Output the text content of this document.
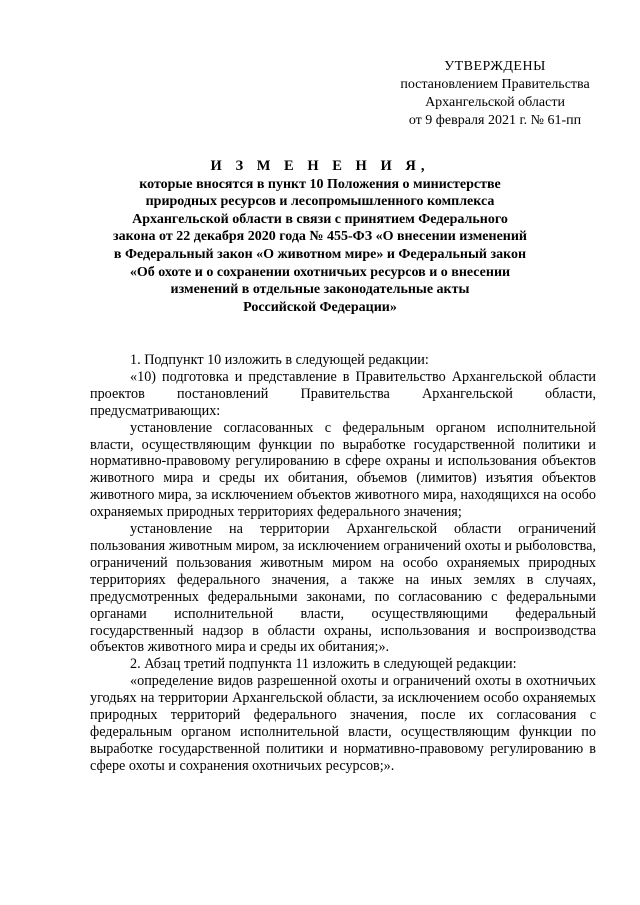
УТВЕРЖДЕНЫ
постановлением Правительства
Архангельской области
от 9 февраля 2021 г. № 61-пп
И З М Е Н Е Н И Я,
которые вносятся в пункт 10 Положения о министерстве
природных ресурсов и лесопромышленного комплекса
Архангельской области в связи с принятием Федерального
закона от 22 декабря 2020 года № 455-ФЗ «О внесении изменений
в Федеральный закон «О животном мире» и Федеральный закон
«Об охоте и о сохранении охотничьих ресурсов и о внесении
изменений в отдельные законодательные акты
Российской Федерации»

1. Подпункт 10 изложить в следующей редакции:

«10) подготовка и представление в Правительство Архангельской области проектов постановлений Правительства Архангельской области, предусматривающих:

установление согласованных с федеральным органом исполнительной власти, осуществляющим функции по выработке государственной политики и нормативно-правовому регулированию в сфере охраны и использования объектов животного мира и среды их обитания, объемов (лимитов) изъятия объектов животного мира, за исключением объектов животного мира, находящихся на особо охраняемых природных территориях федерального значения;

установление на территории Архангельской области ограничений пользования животным миром, за исключением ограничений охоты и рыболовства, ограничений пользования животным миром на особо охраняемых природных территориях федерального значения, а также на иных землях в случаях, предусмотренных федеральными законами, по согласованию с федеральными органами исполнительной власти, осуществляющими федеральный государственный надзор в области охраны, использования и воспроизводства объектов животного мира и среды их обитания;».

2. Абзац третий подпункта 11 изложить в следующей редакции:

«определение видов разрешенной охоты и ограничений охоты в охотничьих угодьях на территории Архангельской области, за исключением особо охраняемых природных территорий федерального значения, после их согласования с федеральным органом исполнительной власти, осуществляющим функции по выработке государственной политики и нормативно-правовому регулированию в сфере охоты и сохранения охотничьих ресурсов;».
